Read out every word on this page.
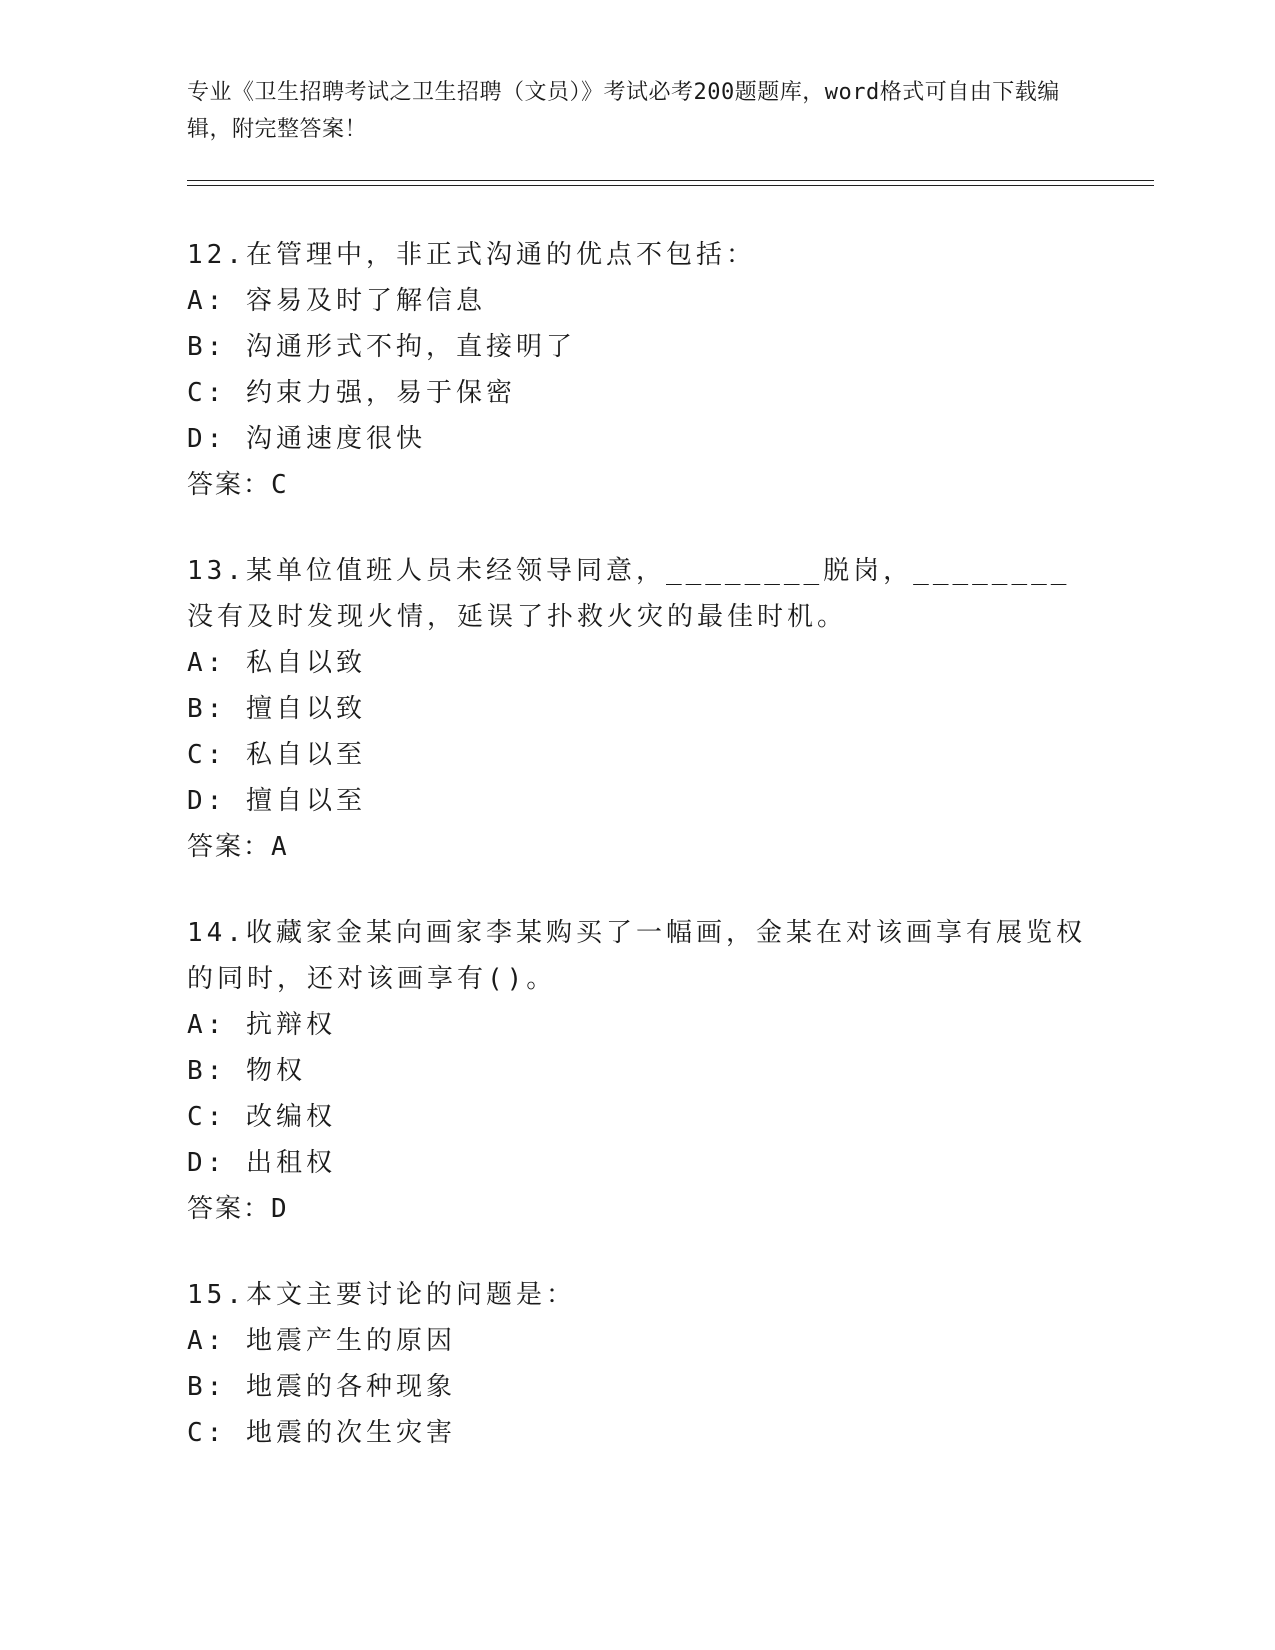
专业《卫生招聘考试之卫生招聘（文员）》考试必考200题题库，word格式可自由下载编辑，附完整答案！
12.在管理中，非正式沟通的优点不包括：
A: 容易及时了解信息
B: 沟通形式不拘，直接明了
C: 约束力强，易于保密
D: 沟通速度很快
答案：C
13.某单位值班人员未经领导同意，________脱岗，________没有及时发现火情，延误了扑救火灾的最佳时机。
A: 私自以致
B: 擅自以致
C: 私自以至
D: 擅自以至
答案：A
14.收藏家金某向画家李某购买了一幅画，金某在对该画享有展览权的同时，还对该画享有()。
A: 抗辩权
B: 物权
C: 改编权
D: 出租权
答案：D
15.本文主要讨论的问题是：
A: 地震产生的原因
B: 地震的各种现象
C: 地震的次生灾害
